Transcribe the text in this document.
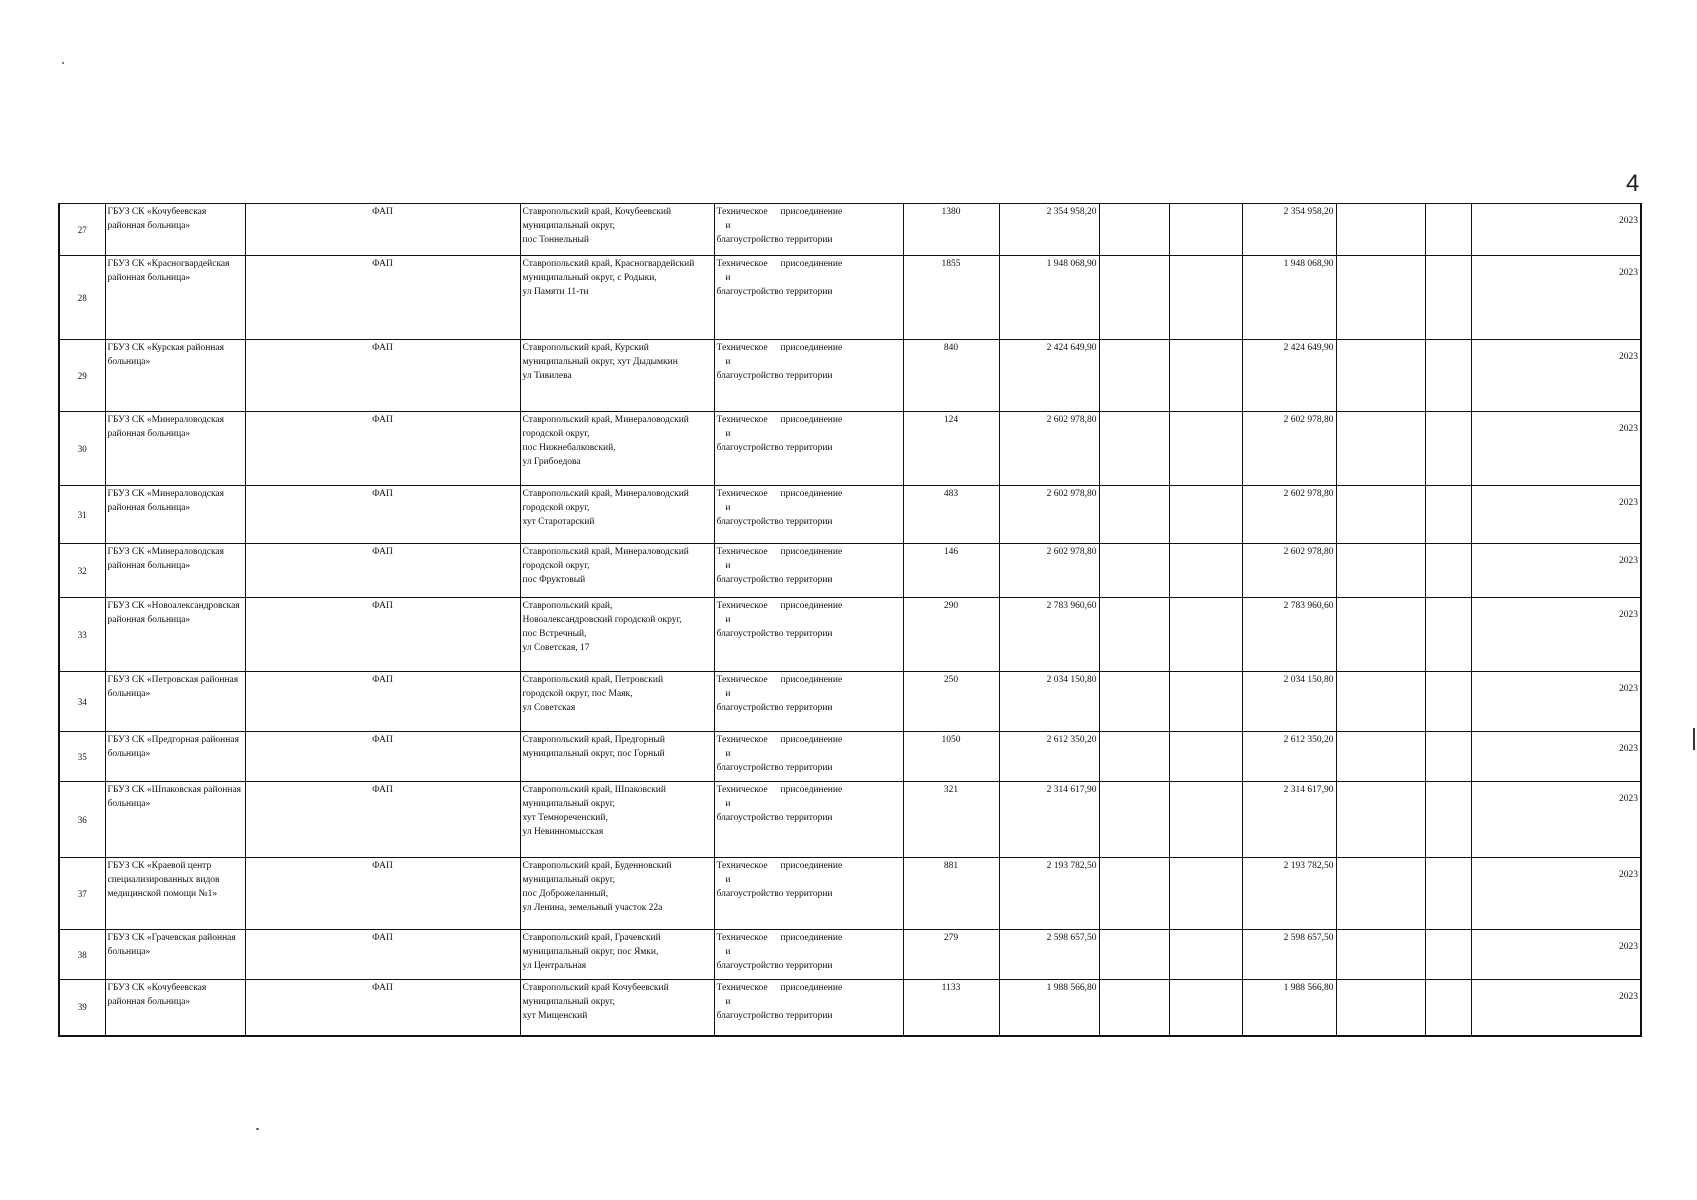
4
27	ГБУЗ СК «Кочубеевская районная больница»	ФАП	Ставропольский край, Кочубеевский
муниципальный округ,
пос Тоннельный	Техническое присоединение
и
благоустройство территории	1380	2 354 958,20			2 354 958,20			2023
28	ГБУЗ СК «Красногвардейская районная больница»	ФАП	Ставропольский край, Красногвардейский
муниципальный округ, с Родыки,
ул Памяти 11-ти	Техническое присоединение
и
благоустройство территории	1855	1 948 068,90			1 948 068,90			2023
29	ГБУЗ СК «Курская районная больница»	ФАП	Ставропольский край, Курский
муниципальный округ, хут Дыдымкин
ул Тивилева	Техническое присоединение
и
благоустройство территории	840	2 424 649,90			2 424 649,90			2023
30	ГБУЗ СК «Минераловодская районная больница»	ФАП	Ставропольский край, Минераловодский
городской округ,
пос Нижнебалковский,
ул Грибоедова	Техническое присоединение
и
благоустройство территории	124	2 602 978,80			2 602 978,80			2023
31	ГБУЗ СК «Минераловодская районная больница»	ФАП	Ставропольский край, Минераловодский
городской округ,
хут Старотарский	Техническое присоединение
и
благоустройство территории	483	2 602 978,80			2 602 978,80			2023
32	ГБУЗ СК «Минераловодская районная больница»	ФАП	Ставропольский край, Минераловодский
городской округ,
пос Фруктовый	Техническое присоединение
и
благоустройство территории	146	2 602 978,80			2 602 978,80			2023
33	ГБУЗ СК «Новоалександровская районная больница»	ФАП	Ставропольский край,
Новоалександровский городской округ,
пос Встречный,
ул Советская, 17	Техническое присоединение
и
благоустройство территории	290	2 783 960,60			2 783 960,60			2023
34	ГБУЗ СК «Петровская районная больница»	ФАП	Ставропольский край, Петровский
городской округ, пос Маяк,
ул Советская	Техническое присоединение
и
благоустройство территории	250	2 034 150,80			2 034 150,80			2023
35	ГБУЗ СК «Предгорная районная больница»	ФАП	Ставропольский край, Предгорный
муниципальный округ, пос Горный	Техническое присоединение
и
благоустройство территории	1050	2 612 350,20			2 612 350,20			2023
36	ГБУЗ СК «Шпаковская районная больница»	ФАП	Ставропольский край, Шпаковский
муниципальный округ,
хут Темнореченский,
ул Невинномысская	Техническое присоединение
и
благоустройство территории	321	2 314 617,90			2 314 617,90			2023
37	ГБУЗ СК «Краевой центр специализированных видов медицинской помощи №1»	ФАП	Ставропольский край, Буденновский
муниципальный округ,
пос Доброжеланный,
ул Ленина, земельный участок 22а	Техническое присоединение
и
благоустройство территории	881	2 193 782,50			2 193 782,50			2023
38	ГБУЗ СК «Грачевская районная больница»	ФАП	Ставропольский край, Грачевский
муниципальный округ, пос Ямки,
ул Центральная	Техническое присоединение
и
благоустройство территории	279	2 598 657,50			2 598 657,50			2023
39	ГБУЗ СК «Кочубеевская районная больница»	ФАП	Ставропольский край Кочубеевский
муниципальный округ,
хут Мищенский	Техническое присоединение
и
благоустройство территории	1133	1 988 566,80			1 988 566,80			2023
